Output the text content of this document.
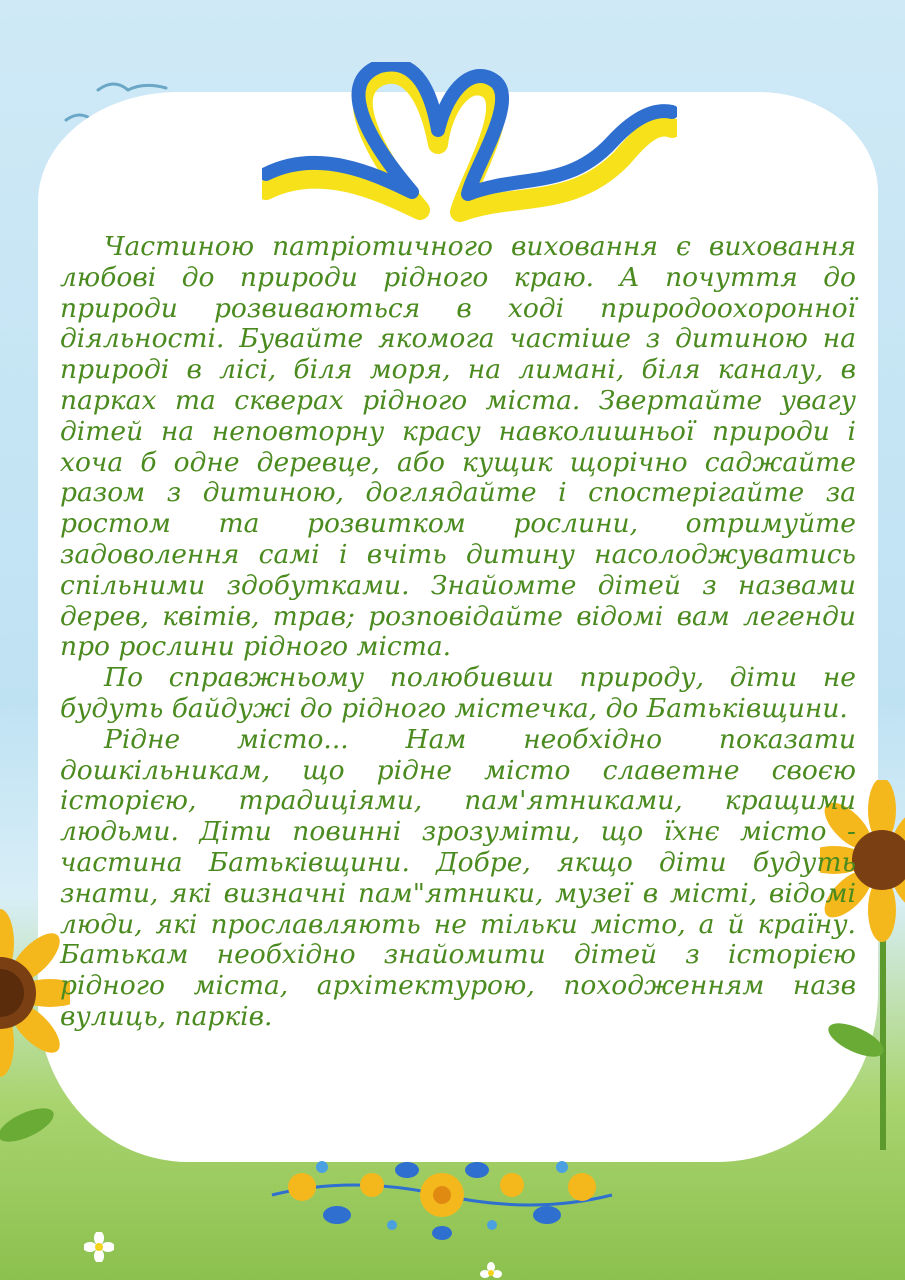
Частиною патріотичного виховання є виховання любові до природи рідного краю. А почуття до природи розвиваються в ході природоохоронної діяльності. Бувайте якомога частіше з дитиною на природі в лісі, біля моря, на лимані, біля каналу, в парках та скверах рідного міста. Звертайте увагу дітей на неповторну красу навколишньої природи і хоча б одне деревце, або кущик щорічно саджайте разом з дитиною, доглядайте і спостерігайте за ростом та розвитком рослини, отримуйте задоволення самі і вчіть дитину насолоджуватись спільними здобутками. Знайомте дітей з назвами дерев, квітів, трав; розповідайте відомі вам легенди про рослини рідного міста.

По справжньому полюбивши природу, діти не будуть байдужі до рідного містечка, до Батьківщини.

Рідне місто... Нам необхідно показати дошкільникам, що рідне місто славетне своєю історією, традиціями, пам'ятниками, кращими людьми. Діти повинні зрозуміти, що їхнє місто - частина Батьківщини. Добре, якщо діти будуть знати, які визначні пам"ятники, музеї в місті, відомі люди, які прославляють не тільки місто, а й країну. Батькам необхідно знайомити дітей з історією рідного міста, архітектурою, походженням назв вулиць, парків.
